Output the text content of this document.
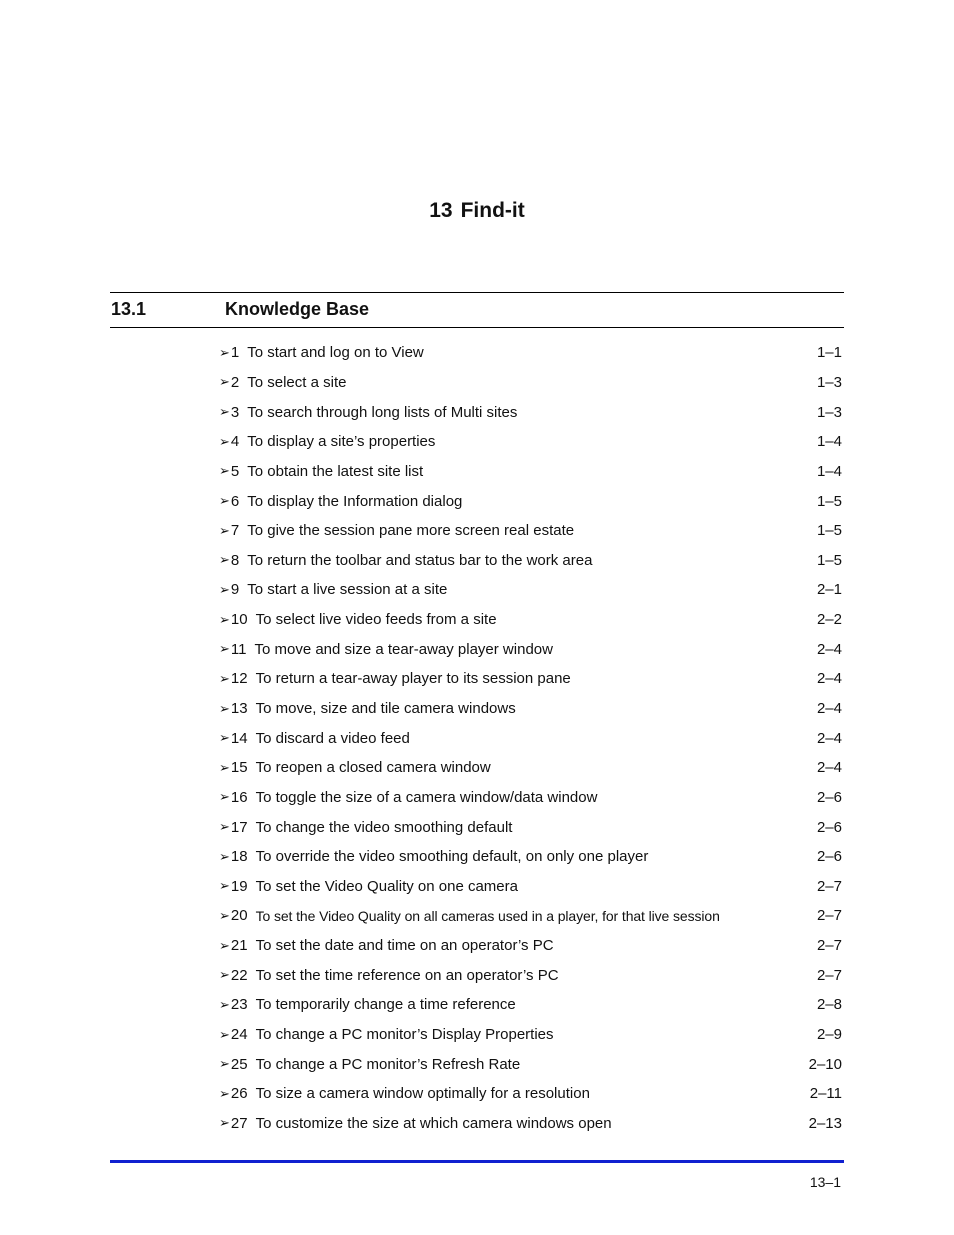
13 Find-it
13.1	Knowledge Base
➢ 1 To start and log on to View	1–1
➢ 2 To select a site	1–3
➢ 3 To search through long lists of Multi sites	1–3
➢ 4 To display a site’s properties	1–4
➢ 5 To obtain the latest site list	1–4
➢ 6 To display the Information dialog	1–5
➢ 7 To give the session pane more screen real estate	1–5
➢ 8 To return the toolbar and status bar to the work area	1–5
➢ 9 To start a live session at a site	2–1
➢ 10 To select live video feeds from a site	2–2
➢ 11 To move and size a tear-away player window	2–4
➢ 12 To return a tear-away player to its session pane	2–4
➢ 13 To move, size and tile camera windows	2–4
➢ 14 To discard a video feed	2–4
➢ 15 To reopen a closed camera window	2–4
➢ 16 To toggle the size of a camera window/data window	2–6
➢ 17 To change the video smoothing default	2–6
➢ 18 To override the video smoothing default, on only one player	2–6
➢ 19 To set the Video Quality on one camera	2–7
➢ 20 To set the Video Quality on all cameras used in a player, for that live session	2–7
➢ 21 To set the date and time on an operator’s PC	2–7
➢ 22 To set the time reference on an operator’s PC	2–7
➢ 23 To temporarily change a time reference	2–8
➢ 24 To change a PC monitor’s Display Properties	2–9
➢ 25 To change a PC monitor’s Refresh Rate	2–10
➢ 26 To size a camera window optimally for a resolution	2–11
➢ 27 To customize the size at which camera windows open	2–13
13–1
